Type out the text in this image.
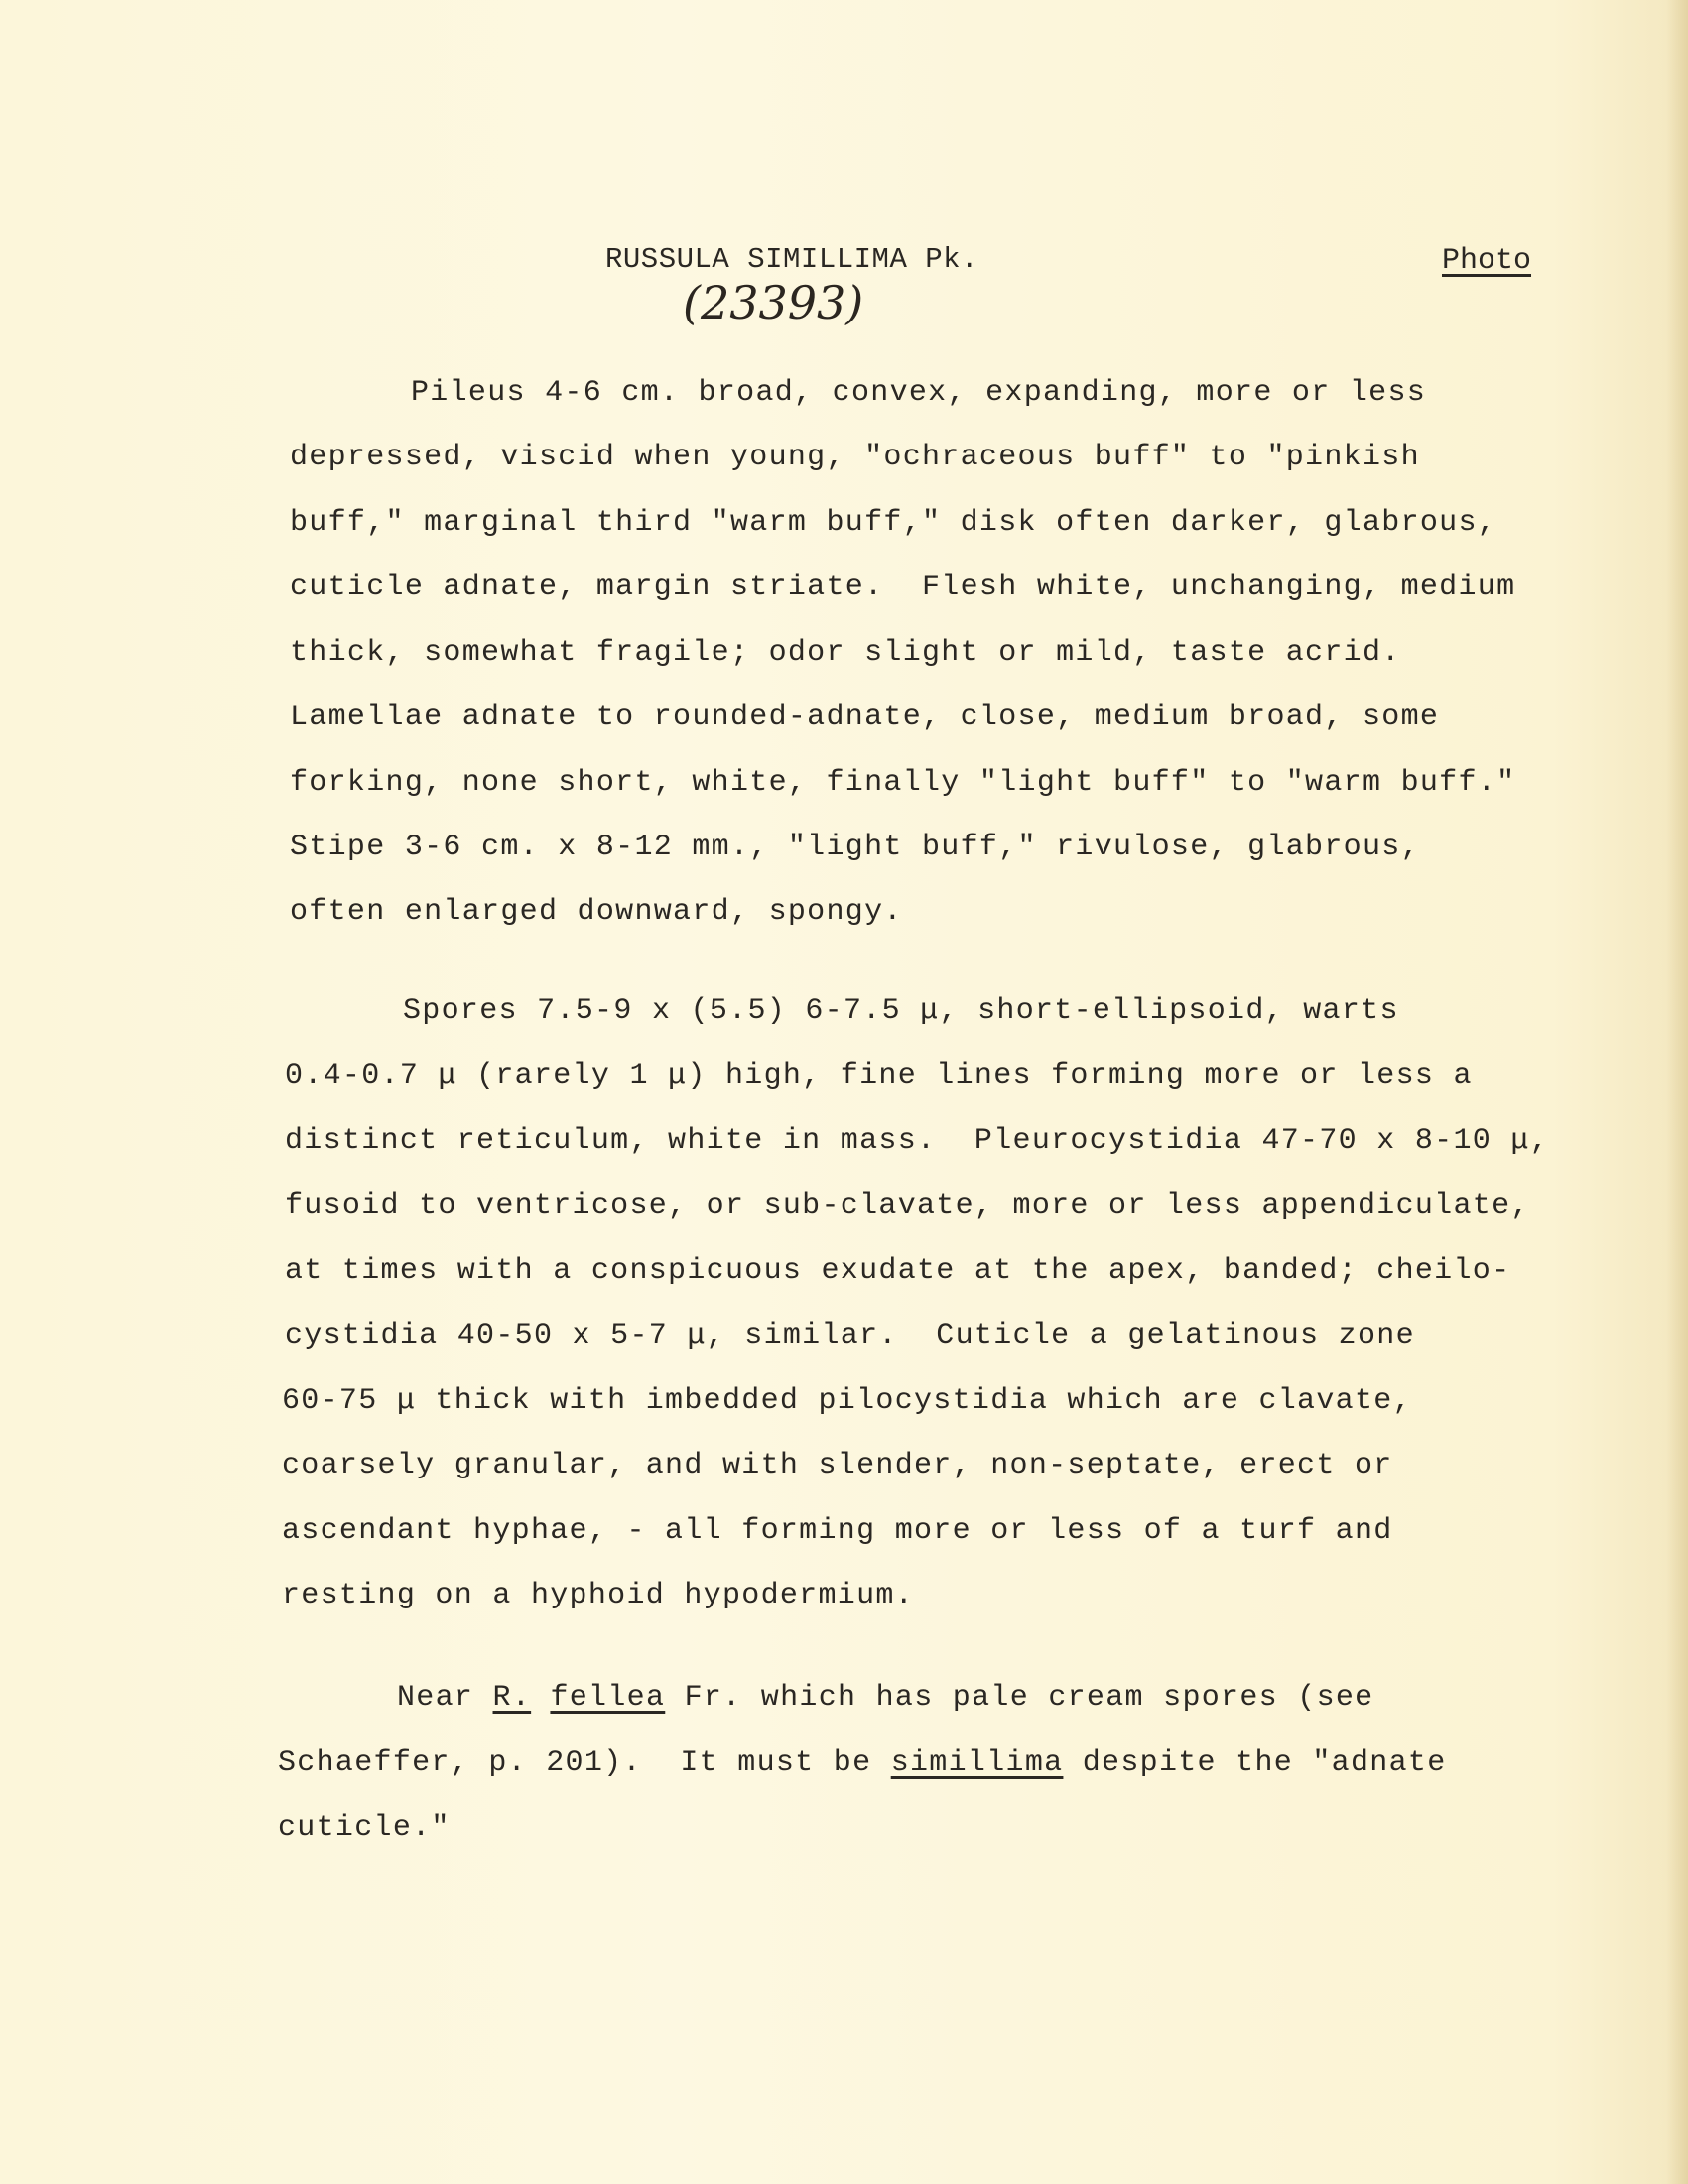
RUSSULA SIMILLIMA Pk.	Photo
(23393)
Pileus 4-6 cm. broad, convex, expanding, more or less
depressed, viscid when young, "ochraceous buff" to "pinkish
buff," marginal third "warm buff," disk often darker, glabrous,
cuticle adnate, margin striate.  Flesh white, unchanging, medium
thick, somewhat fragile; odor slight or mild, taste acrid.
Lamellae adnate to rounded-adnate, close, medium broad, some
forking, none short, white, finally "light buff" to "warm buff."
Stipe 3-6 cm. x 8-12 mm., "light buff," rivulose, glabrous,
often enlarged downward, spongy.
Spores 7.5-9 x (5.5) 6-7.5 μ, short-ellipsoid, warts
0.4-0.7 μ (rarely 1 μ) high, fine lines forming more or less a
distinct reticulum, white in mass.  Pleurocystidia 47-70 x 8-10 μ,
fusoid to ventricose, or sub-clavate, more or less appendiculate,
at times with a conspicuous exudate at the apex, banded; cheilo-
cystidia 40-50 x 5-7 μ, similar.  Cuticle a gelatinous zone
60-75 μ thick with imbedded pilocystidia which are clavate,
coarsely granular, and with slender, non-septate, erect or
ascendant hyphae, - all forming more or less of a turf and
resting on a hyphoid hypodermium.
Near R. fellea Fr. which has pale cream spores (see
Schaeffer, p. 201).  It must be simillima despite the "adnate
cuticle."
